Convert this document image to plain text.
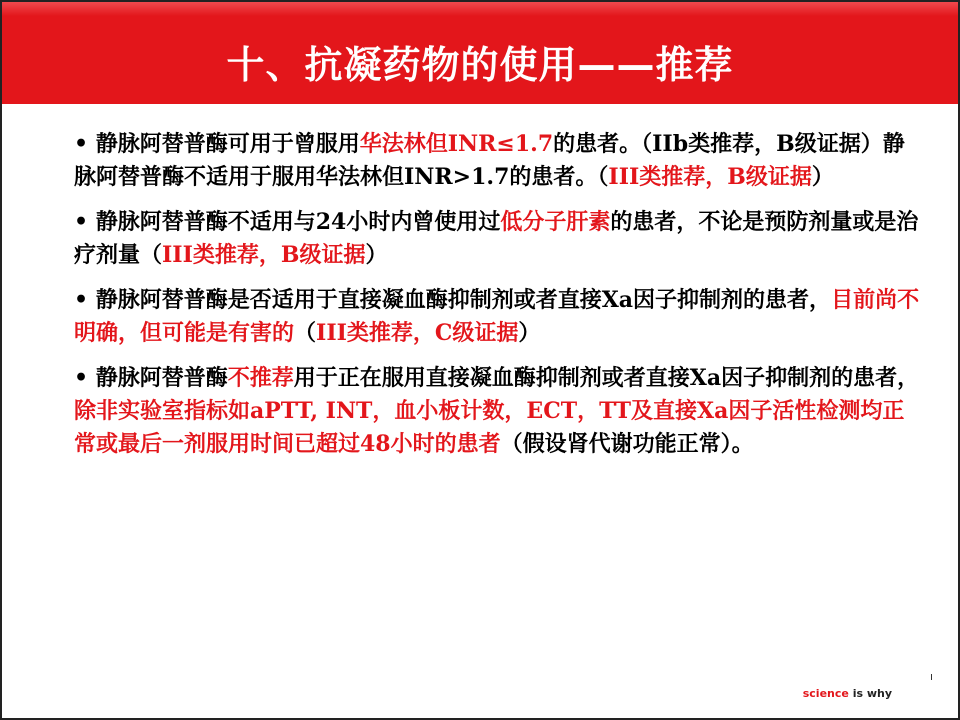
十、抗凝药物的使用——推荐

• 静脉阿替普酶可用于曾服用华法林但INR≤1.7的患者。（IIb类推荐，B级证据）静脉阿替普酶不适用于服用华法林但INR>1.7的患者。（III类推荐，B级证据）

• 静脉阿替普酶不适用与24小时内曾使用过低分子肝素的患者，不论是预防剂量或是治疗剂量（III类推荐，B级证据）

• 静脉阿替普酶是否适用于直接凝血酶抑制剂或者直接Xa因子抑制剂的患者，目前尚不明确，但可能是有害的（III类推荐，C级证据）

• 静脉阿替普酶不推荐用于正在服用直接凝血酶抑制剂或者直接Xa因子抑制剂的患者，除非实验室指标如aPTT, INT，血小板计数，ECT，TT及直接Xa因子活性检测均正常或最后一剂服用时间已超过48小时的患者（假设肾代谢功能正常）。

science is why
